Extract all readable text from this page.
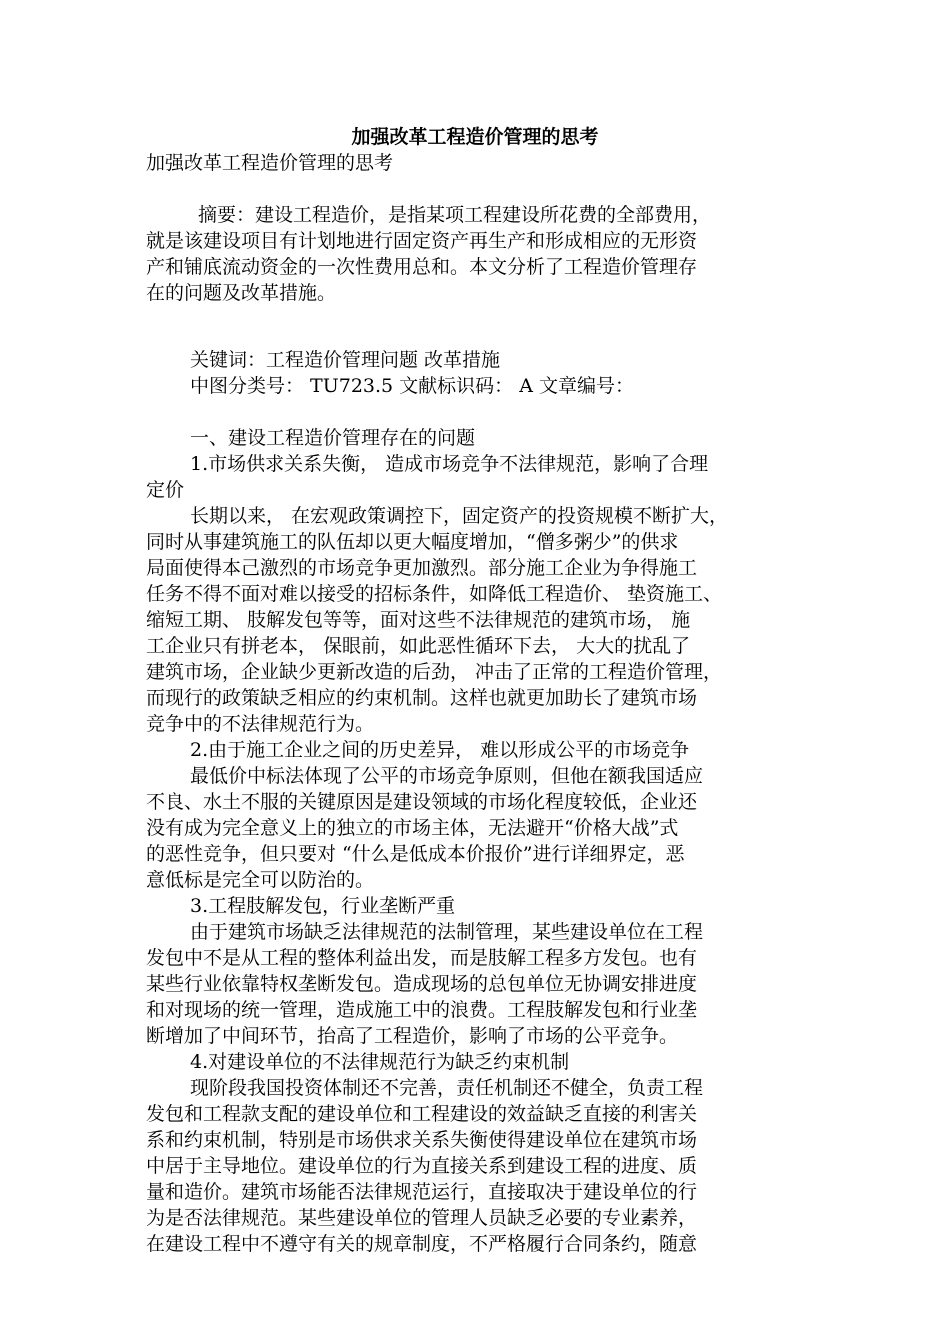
加强改革工程造价管理的思考
加强改革工程造价管理的思考
摘要：建设工程造价，是指某项工程建设所花费的全部费用，
就是该建设项目有计划地进行固定资产再生产和形成相应的无形资
产和铺底流动资金的一次性费用总和。本文分析了工程造价管理存
在的问题及改革措施。
关键词：工程造价管理问题 改革措施
中图分类号： TU723.5 文献标识码： A 文章编号：
一、建设工程造价管理存在的问题
1.市场供求关系失衡， 造成市场竞争不法律规范，影响了合理
定价
长期以来， 在宏观政策调控下，固定资产的投资规模不断扩大，
同时从事建筑施工的队伍却以更大幅度增加，“僧多粥少”的供求
局面使得本己激烈的市场竞争更加激烈。部分施工企业为争得施工
任务不得不面对难以接受的招标条件，如降低工程造价、 垫资施工、
缩短工期、 肢解发包等等，面对这些不法律规范的建筑市场， 施
工企业只有拼老本， 保眼前，如此恶性循环下去， 大大的扰乱了
建筑市场，企业缺少更新改造的后劲， 冲击了正常的工程造价管理，
而现行的政策缺乏相应的约束机制。这样也就更加助长了建筑市场
竞争中的不法律规范行为。
2.由于施工企业之间的历史差异， 难以形成公平的市场竞争
最低价中标法体现了公平的市场竞争原则，但他在额我国适应
不良、水土不服的关键原因是建设领域的市场化程度较低，企业还
没有成为完全意义上的独立的市场主体，无法避开“价格大战”式
的恶性竞争，但只要对 “什么是低成本价报价”进行详细界定，恶
意低标是完全可以防治的。
3.工程肢解发包，行业垄断严重
由于建筑市场缺乏法律规范的法制管理，某些建设单位在工程
发包中不是从工程的整体利益出发，而是肢解工程多方发包。也有
某些行业依靠特权垄断发包。造成现场的总包单位无协调安排进度
和对现场的统一管理，造成施工中的浪费。工程肢解发包和行业垄
断增加了中间环节，抬高了工程造价，影响了市场的公平竞争。
4.对建设单位的不法律规范行为缺乏约束机制
现阶段我国投资体制还不完善，责任机制还不健全，负责工程
发包和工程款支配的建设单位和工程建设的效益缺乏直接的利害关
系和约束机制，特别是市场供求关系失衡使得建设单位在建筑市场
中居于主导地位。建设单位的行为直接关系到建设工程的进度、质
量和造价。建筑市场能否法律规范运行，直接取决于建设单位的行
为是否法律规范。某些建设单位的管理人员缺乏必要的专业素养，
在建设工程中不遵守有关的规章制度，不严格履行合同条约，随意
